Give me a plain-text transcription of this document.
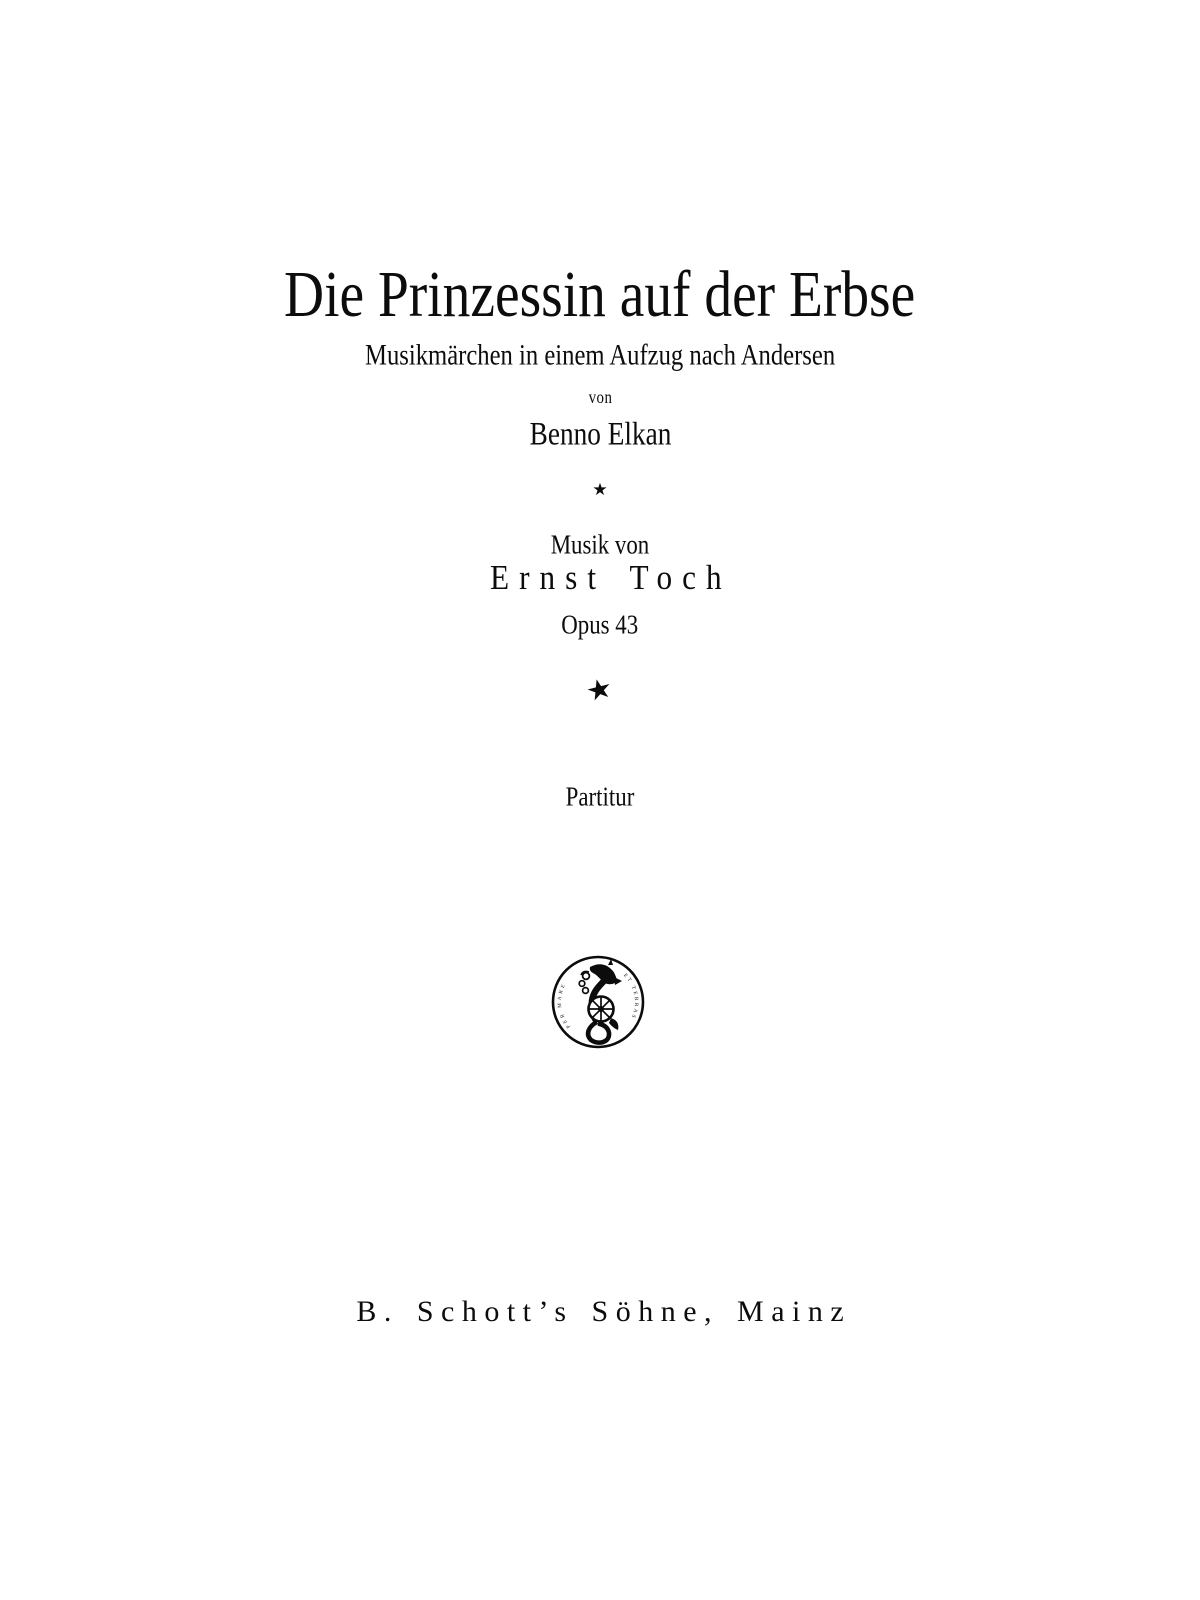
Die Prinzessin auf der Erbse
Musikmärchen in einem Aufzug nach Andersen
von
Benno Elkan
★
Musik von
Ernst Toch
Opus 43
★
Partitur
PER MARE
ET TERRAS
B. Schott’s Söhne, Mainz
